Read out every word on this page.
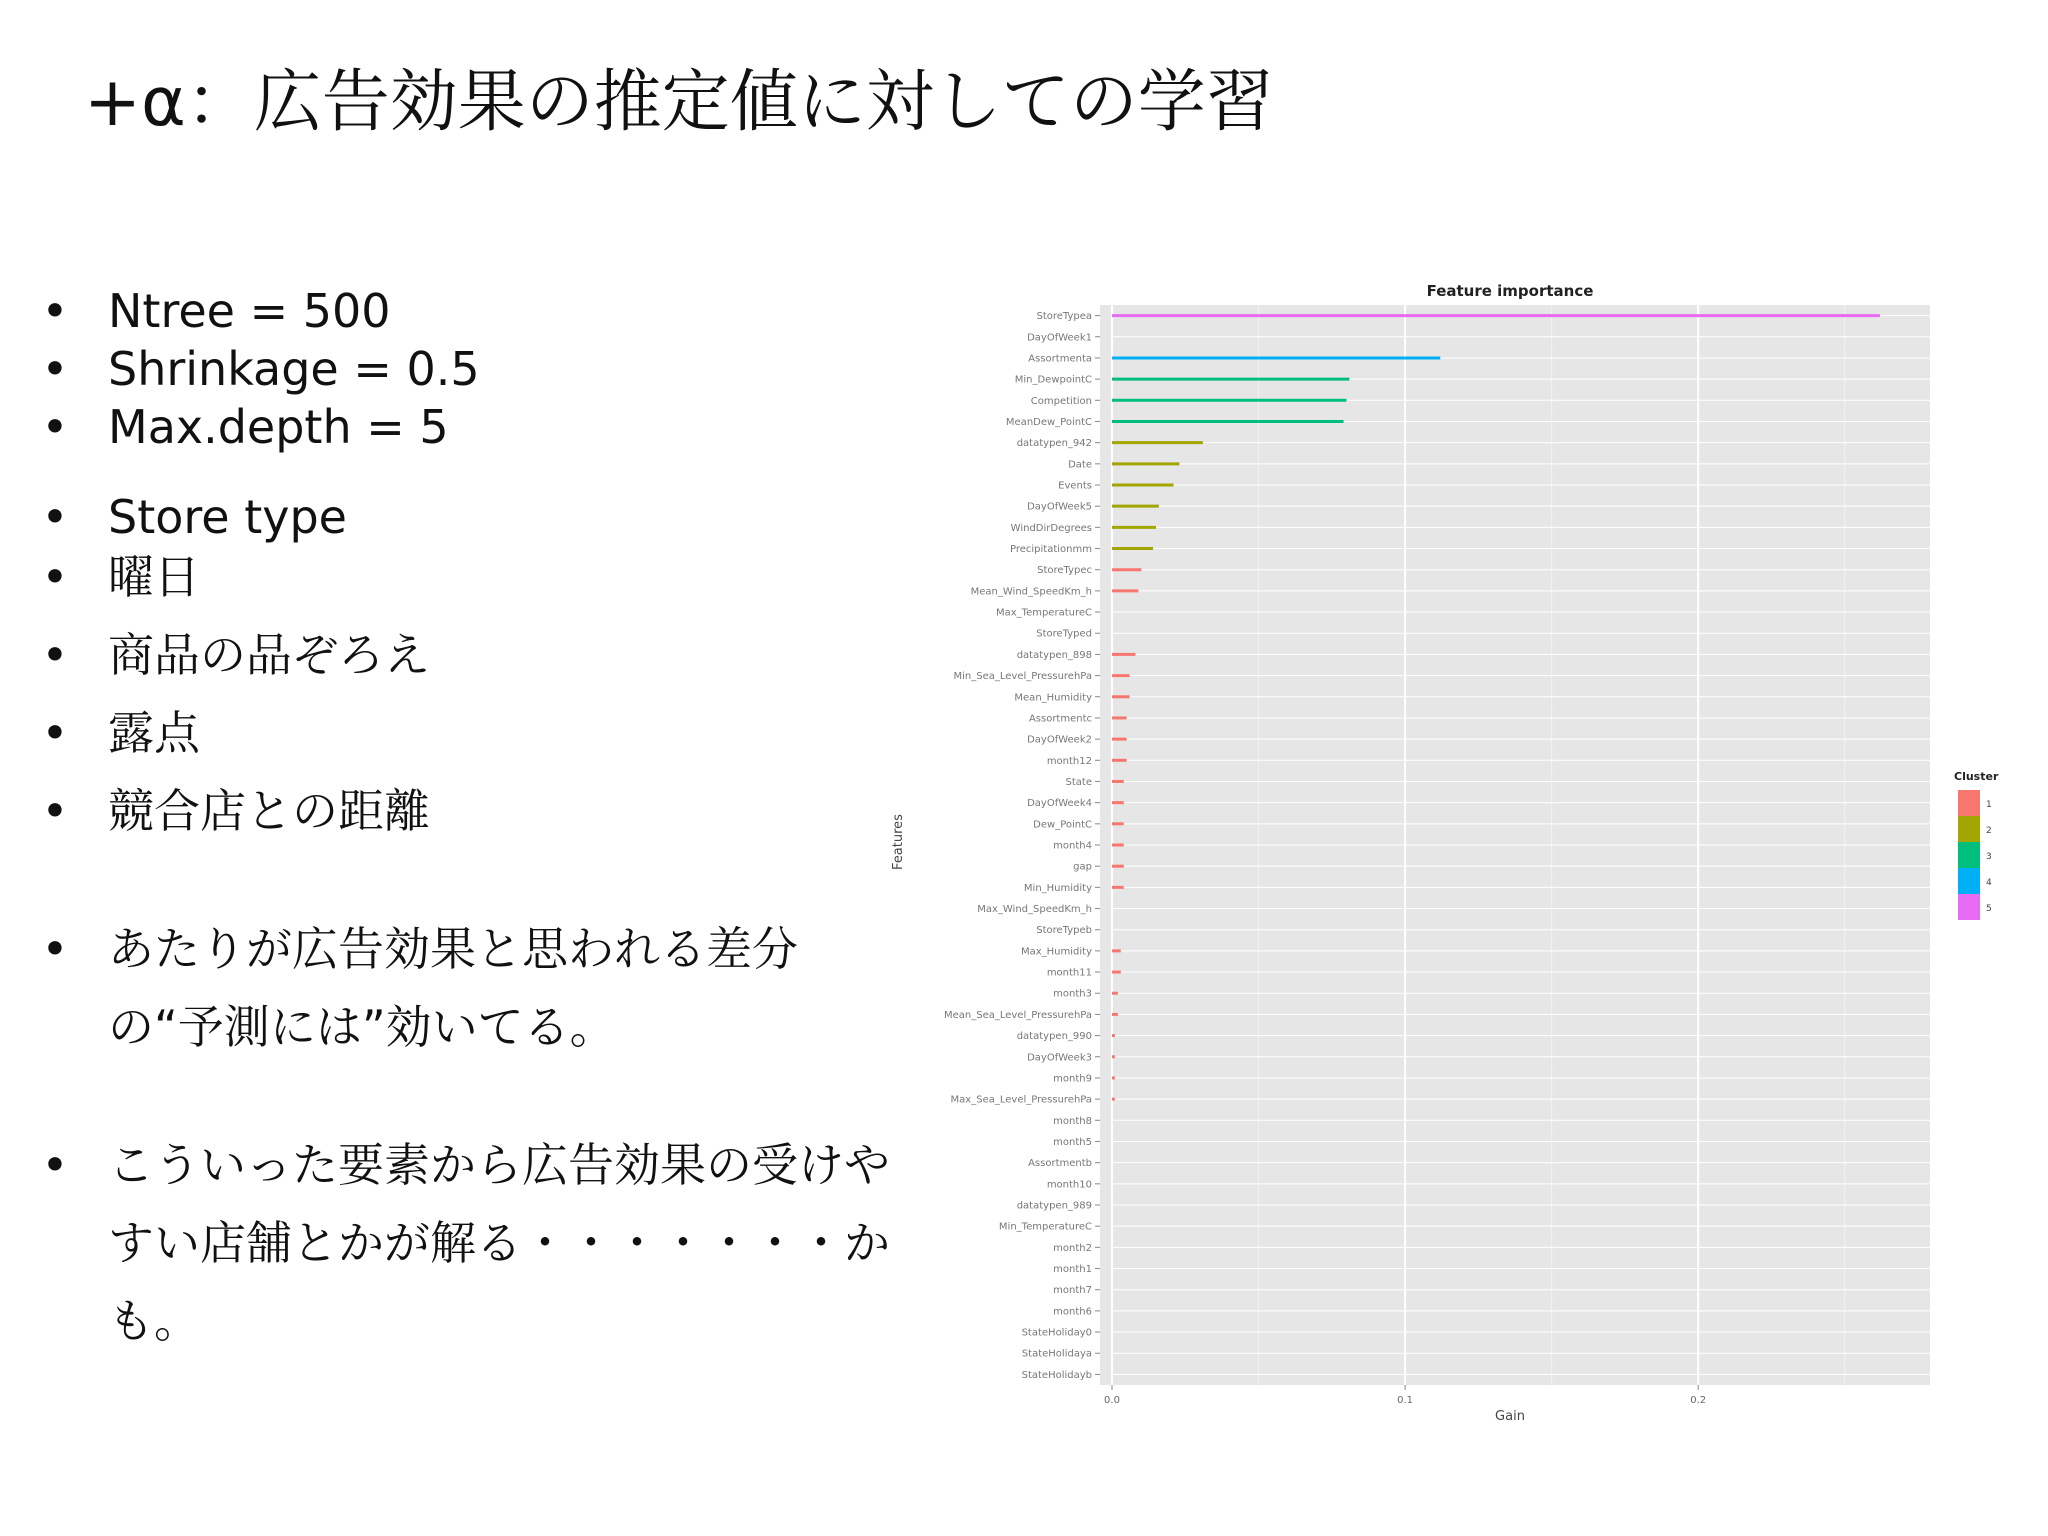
+α：広告効果の推定値に対しての学習
• Ntree = 500
• Shrinkage = 0.5
• Max.depth = 5
• Store type
• 曜日
• 商品の品ぞろえ
• 露点
• 競合店との距離
• あたりが広告効果と思われる差分の“予測には”効いてる。
• こういった要素から広告効果の受けやすい店舗とかが解る・・・・・・・かも。
Feature importance
Gain
Features
Cluster
0.0	0.1	0.2
StoreTypea
DayOfWeek1
Assortmenta
Min_DewpointC
Competition
MeanDew_PointC
datatypen_942
Date
Events
DayOfWeek5
WindDirDegrees
Precipitationmm
StoreTypec
Mean_Wind_SpeedKm_h
Max_TemperatureC
StoreTyped
datatypen_898
Min_Sea_Level_PressurehPa
Mean_Humidity
Assortmentc
DayOfWeek2
month12
State
DayOfWeek4
Dew_PointC
month4
gap
Min_Humidity
Max_Wind_SpeedKm_h
StoreTypeb
Max_Humidity
month11
month3
Mean_Sea_Level_PressurehPa
datatypen_990
DayOfWeek3
month9
Max_Sea_Level_PressurehPa
month8
month5
Assortmentb
month10
datatypen_989
Min_TemperatureC
month2
month1
month7
month6
StateHoliday0
StateHolidaya
StateHolidayb
1
2
3
4
5
